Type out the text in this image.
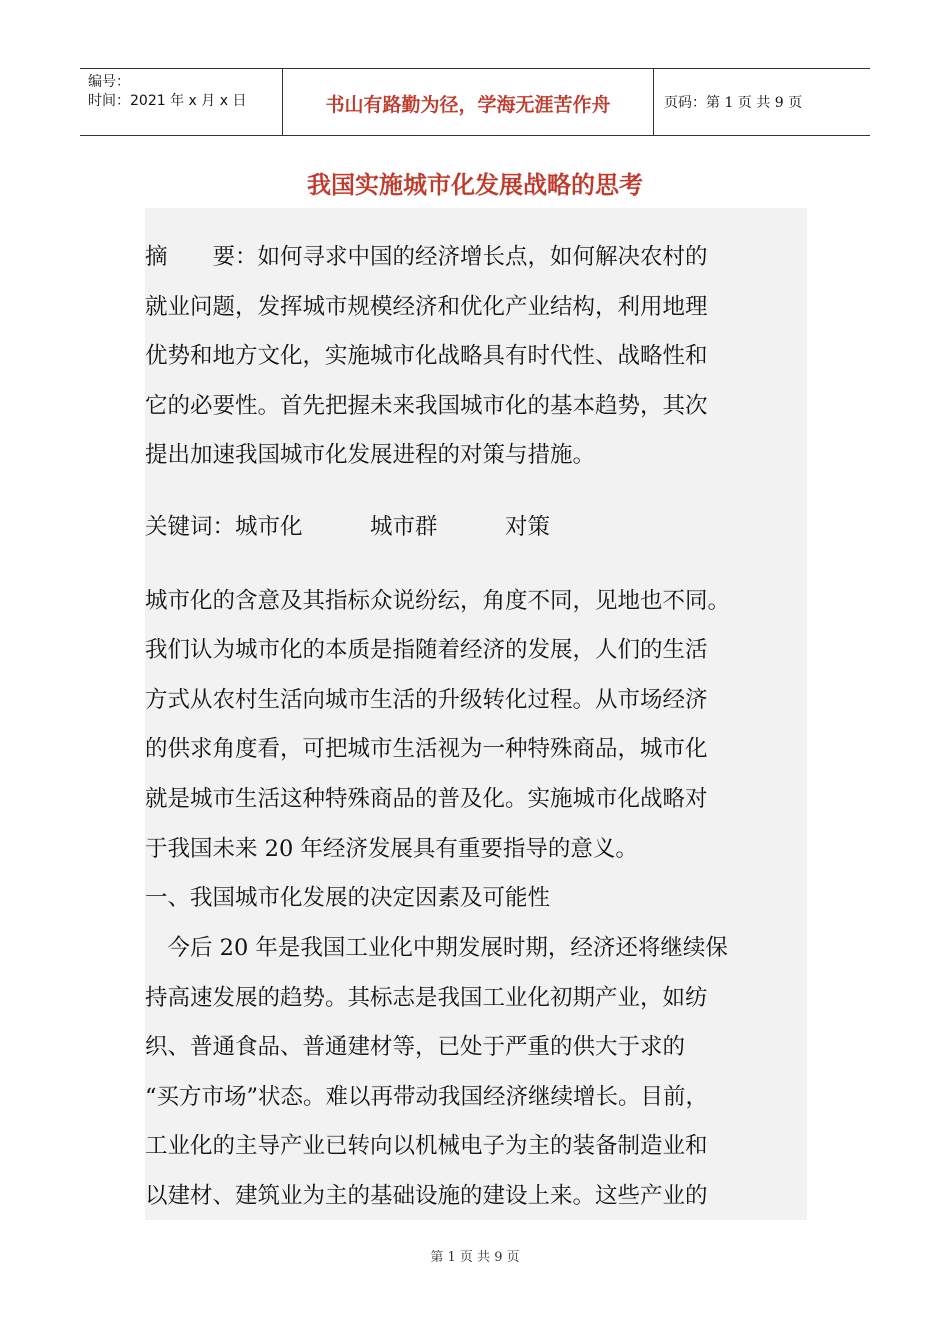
编号：
时间：2021 年 x 月 x 日	书山有路勤为径，学海无涯苦作舟	页码：第 1 页 共 9 页
我国实施城市化发展战略的思考
摘　　要：如何寻求中国的经济增长点，如何解决农村的
就业问题，发挥城市规模经济和优化产业结构，利用地理
优势和地方文化，实施城市化战略具有时代性、战略性和
它的必要性。首先把握未来我国城市化的基本趋势，其次
提出加速我国城市化发展进程的对策与措施。
关键词：城市化　　　城市群　　　对策
城市化的含意及其指标众说纷纭，角度不同，见地也不同。
我们认为城市化的本质是指随着经济的发展，人们的生活
方式从农村生活向城市生活的升级转化过程。从市场经济
的供求角度看，可把城市生活视为一种特殊商品，城市化
就是城市生活这种特殊商品的普及化。实施城市化战略对
于我国未来 20 年经济发展具有重要指导的意义。
一、我国城市化发展的决定因素及可能性
　今后 20 年是我国工业化中期发展时期，经济还将继续保
持高速发展的趋势。其标志是我国工业化初期产业，如纺
织、普通食品、普通建材等，已处于严重的供大于求的
“买方市场”状态。难以再带动我国经济继续增长。目前，
工业化的主导产业已转向以机械电子为主的装备制造业和
以建材、建筑业为主的基础设施的建设上来。这些产业的
第 1 页 共 9 页
